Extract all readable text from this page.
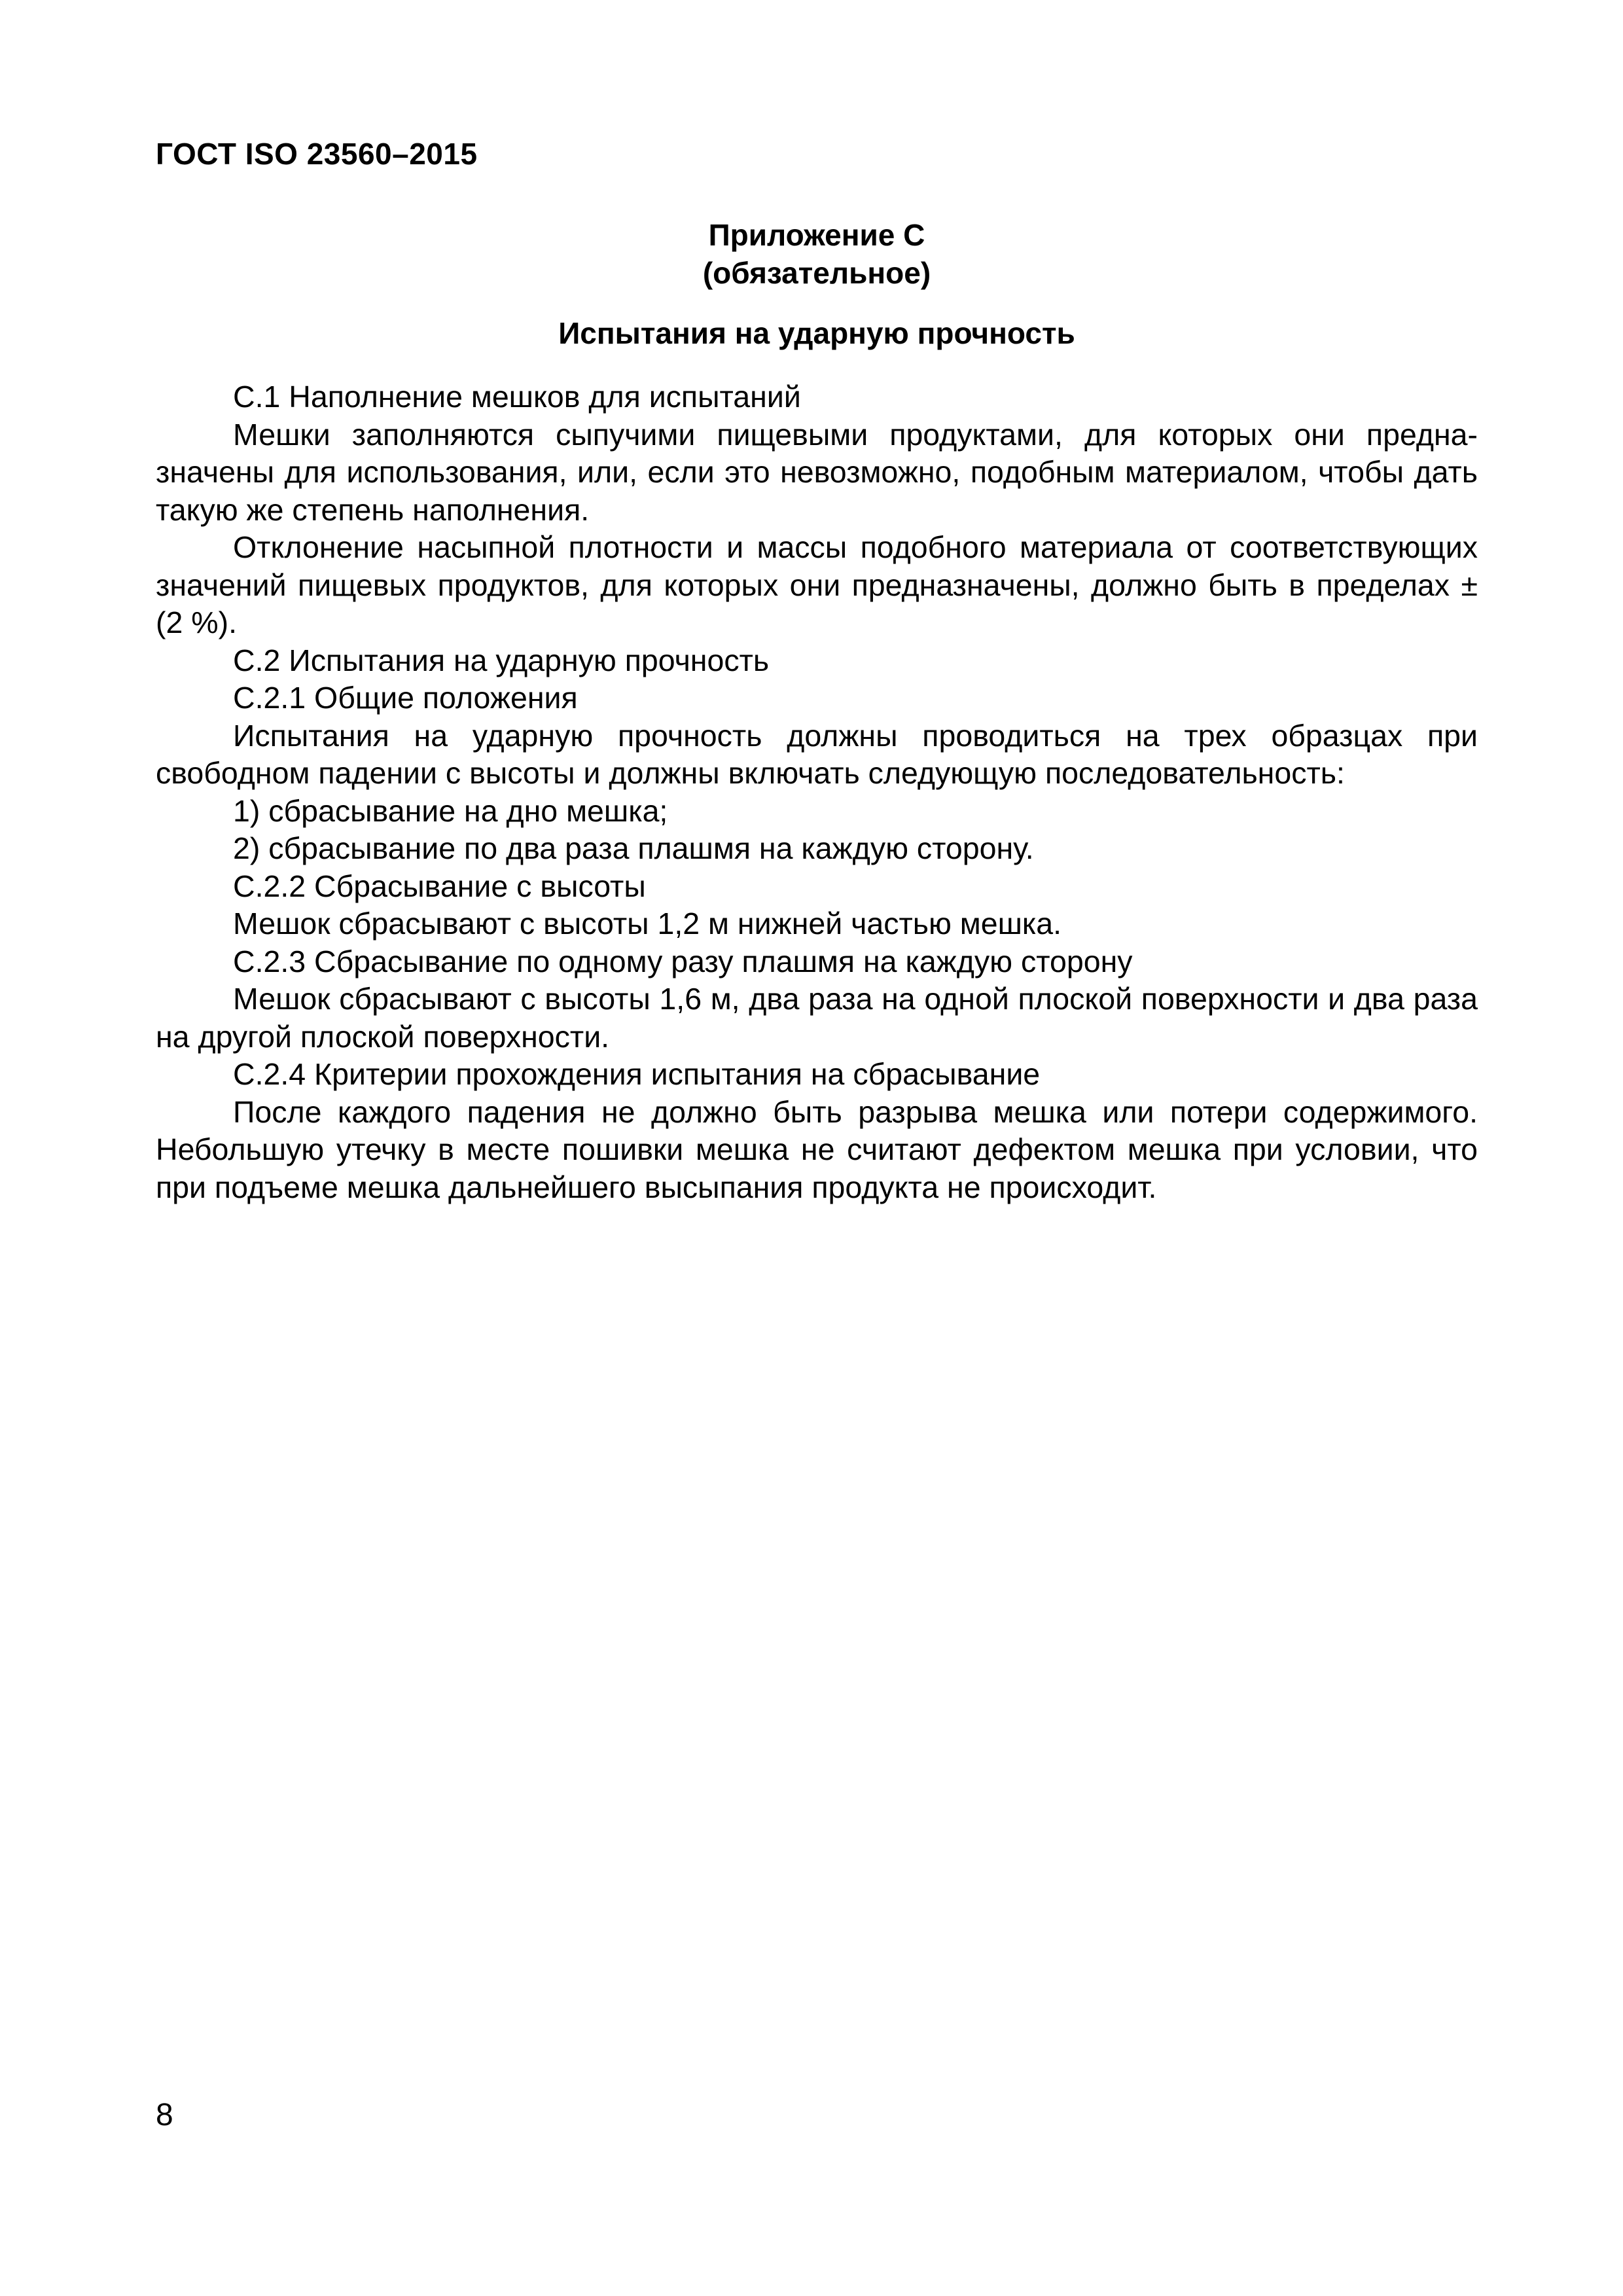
ГОСТ ISO 23560–2015
Приложение С
(обязательное)
Испытания на ударную прочность

С.1 Наполнение мешков для испытаний

Мешки заполняются сыпучими пищевыми продуктами, для которых они предназначены для использования, или, если это невозможно, подобным материалом, чтобы дать такую же степень наполнения.

Отклонение насыпной плотности и массы подобного материала от соответствующих значений пищевых продуктов, для которых они предназначены, должно быть в пределах ± (2 %).

С.2 Испытания на ударную прочность

С.2.1 Общие положения

Испытания на ударную прочность должны проводиться на трех образцах при свободном падении с высоты и должны включать следующую последовательность:

1) сбрасывание на дно мешка;

2) сбрасывание по два раза плашмя на каждую сторону.

С.2.2 Сбрасывание с высоты

Мешок сбрасывают с высоты 1,2 м нижней частью мешка.

С.2.3 Сбрасывание по одному разу плашмя на каждую сторону

Мешок сбрасывают с высоты 1,6 м, два раза на одной плоской поверхности и два раза на другой плоской поверхности.

С.2.4 Критерии прохождения испытания на сбрасывание

После каждого падения не должно быть разрыва мешка или потери содержимого. Небольшую утечку в месте пошивки мешка не считают дефектом мешка при условии, что при подъеме мешка дальнейшего высыпания продукта не происходит.

8
